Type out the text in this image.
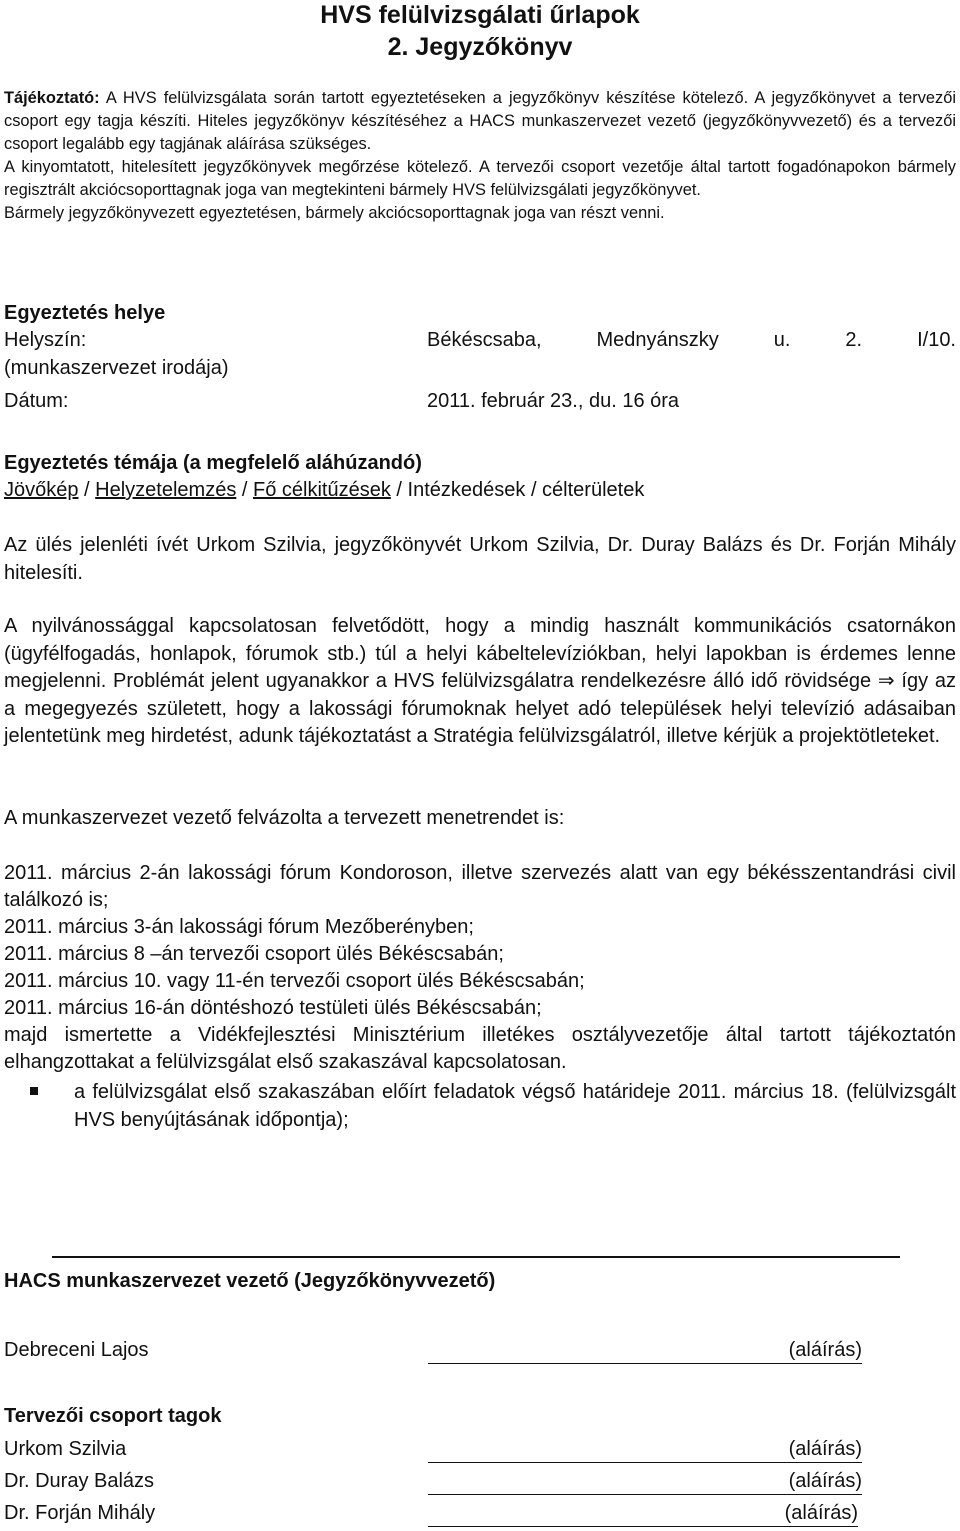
HVS felülvizsgálati űrlapok
2. Jegyzőkönyv

Tájékoztató: A HVS felülvizsgálata során tartott egyeztetéseken a jegyzőkönyv készítése kötelező. A jegyzőkönyvet a tervezői csoport egy tagja készíti. Hiteles jegyzőkönyv készítéséhez a HACS munkaszervezet vezető (jegyzőkönyvvezető) és a tervezői csoport legalább egy tagjának aláírása szükséges.

A kinyomtatott, hitelesített jegyzőkönyvek megőrzése kötelező. A tervezői csoport vezetője által tartott fogadónapokon bármely regisztrált akciócsoporttagnak joga van megtekinteni bármely HVS felülvizsgálati jegyzőkönyvet.

Bármely jegyzőkönyvezett egyeztetésen, bármely akciócsoporttagnak joga van részt venni.

Egyeztetés helye
Helyszín:	Békéscsaba, Mednyánszky u. 2. I/10.
(munkaszervezet irodája)
Dátum:	2011. február 23., du. 16 óra
Egyeztetés témája (a megfelelő aláhúzandó)
Jövőkép / Helyzetelemzés / Fő célkitűzések / Intézkedések / célterületek

Az ülés jelenléti ívét Urkom Szilvia, jegyzőkönyvét Urkom Szilvia, Dr. Duray Balázs és Dr. Forján Mihály hitelesíti.

A nyilvánossággal kapcsolatosan felvetődött, hogy a mindig használt kommunikációs csatornákon (ügyfélfogadás, honlapok, fórumok stb.) túl a helyi kábeltelevíziókban, helyi lapokban is érdemes lenne megjelenni. Problémát jelent ugyanakkor a HVS felülvizsgálatra rendelkezésre álló idő rövidsége ⇒ így az a megegyezés született, hogy a lakossági fórumoknak helyet adó települések helyi televízió adásaiban jelentetünk meg hirdetést, adunk tájékoztatást a Stratégia felülvizsgálatról, illetve kérjük a projektötleteket.

A munkaszervezet vezető felvázolta a tervezett menetrendet is:

2011. március 2-án lakossági fórum Kondoroson, illetve szervezés alatt van egy békésszentandrási civil találkozó is;

2011. március 3-án lakossági fórum Mezőberényben;

2011. március 8 –án tervezői csoport ülés Békéscsabán;

2011. március 10. vagy 11-én tervezői csoport ülés Békéscsabán;

2011. március 16-án döntéshozó testületi ülés Békéscsabán;

majd ismertette a Vidékfejlesztési Minisztérium illetékes osztályvezetője által tartott tájékoztatón elhangzottakat a felülvizsgálat első szakaszával kapcsolatosan.

a felülvizsgálat első szakaszában előírt feladatok végső határideje 2011. március 18. (felülvizsgált HVS benyújtásának időpontja);
HACS munkaszervezet vezető (Jegyzőkönyvvezető)
Debreceni Lajos	(aláírás)
Tervezői csoport tagok
Urkom Szilvia	(aláírás)
Dr. Duray Balázs	(aláírás)
Dr. Forján Mihály	(aláírás)
